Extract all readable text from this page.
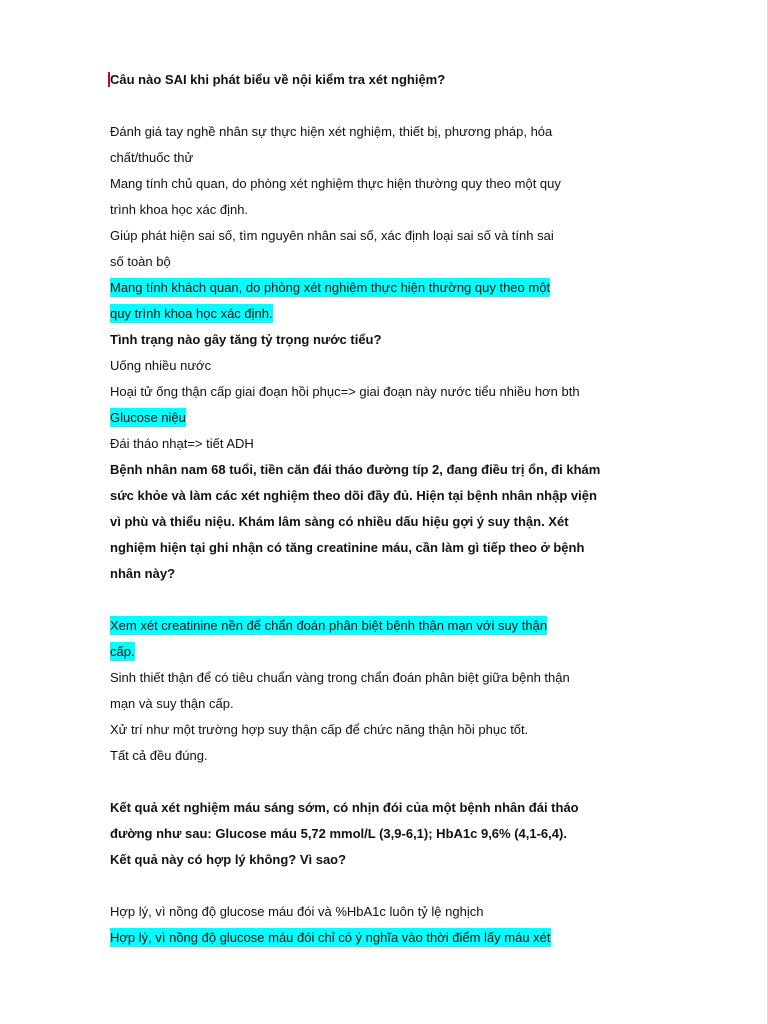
Câu nào SAI khi phát biểu về nội kiểm tra xét nghiệm?
Đánh giá tay nghề nhân sự thực hiện xét nghiệm, thiết bị, phương pháp, hóa
chất/thuốc thử
Mang tính chủ quan, do phòng xét nghiệm thực hiện thường quy theo một quy
trình khoa học xác định.
Giúp phát hiện sai số, tìm nguyên nhân sai số, xác định loại sai số và tính sai
số toàn bộ
Mang tính khách quan, do phòng xét nghiệm thực hiện thường quy theo một
quy trình khoa học xác định.
Tình trạng nào gây tăng tỷ trọng nước tiểu?
Uống nhiều nước
Hoại tử ống thận cấp giai đoạn hồi phục=> giai đoạn này nước tiểu nhiều hơn bth
Glucose niệu
Đái tháo nhạt=> tiết ADH
Bệnh nhân nam 68 tuổi, tiền căn đái tháo đường típ 2, đang điều trị ổn, đi khám
sức khỏe và làm các xét nghiệm theo dõi đầy đủ. Hiện tại bệnh nhân nhập viện
vì phù và thiểu niệu. Khám lâm sàng có nhiều dấu hiệu gợi ý suy thận. Xét
nghiệm hiện tại ghi nhận có tăng creatinine máu, cần làm gì tiếp theo ở bệnh
nhân này?
Xem xét creatinine nền để chẩn đoán phân biệt bệnh thận mạn với suy thận
cấp.
Sinh thiết thận để có tiêu chuẩn vàng trong chẩn đoán phân biệt giữa bệnh thận
mạn và suy thận cấp.
Xử trí như một trường hợp suy thận cấp để chức năng thận hồi phục tốt.
Tất cả đều đúng.
Kết quả xét nghiệm máu sáng sớm, có nhịn đói của một bệnh nhân đái tháo
đường như sau: Glucose máu 5,72 mmol/L (3,9-6,1); HbA1c 9,6% (4,1-6,4).
Kết quả này có hợp lý không? Vì sao?
Hợp lý, vì nồng độ glucose máu đói và %HbA1c luôn tỷ lệ nghịch
Hợp lý, vì nồng độ glucose máu đói chỉ có ý nghĩa vào thời điểm lấy máu xét
